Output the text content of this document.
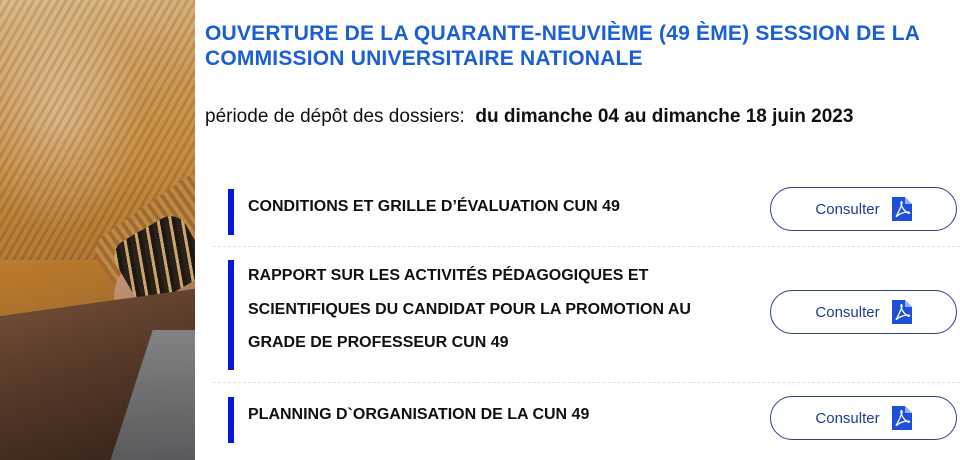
OUVERTURE DE LA QUARANTE-NEUVIÈME (49 ÈME) SESSION DE LA COMMISSION UNIVERSITAIRE NATIONALE

période de dépôt des dossiers: du dimanche 04 au dimanche 18 juin 2023

CONDITIONS ET GRILLE D’ÉVALUATION CUN 49	Consulter

RAPPORT SUR LES ACTIVITÉS PÉDAGOGIQUES ET SCIENTIFIQUES DU CANDIDAT POUR LA PROMOTION AU GRADE DE PROFESSEUR CUN 49

Consulter

PLANNING D`ORGANISATION DE LA CUN 49	Consulter
